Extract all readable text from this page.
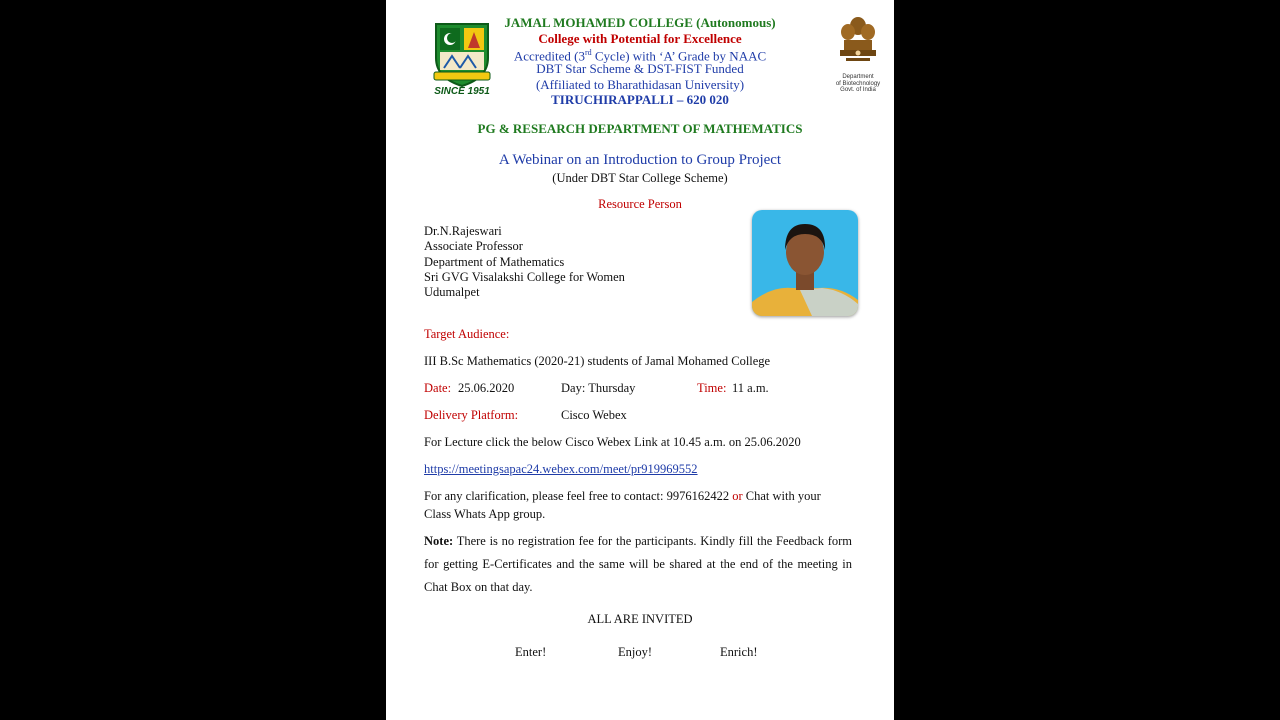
SINCE 1951
JAMAL MOHAMED COLLEGE (Autonomous)
College with Potential for Excellence
Accredited (3rd Cycle) with ‘A’ Grade by NAAC
DBT Star Scheme & DST-FIST Funded
(Affiliated to Bharathidasan University)
TIRUCHIRAPPALLI – 620 020
Department
of Biotechnology
Govt. of India
PG & RESEARCH DEPARTMENT OF MATHEMATICS
A Webinar on an Introduction to Group Project
(Under DBT Star College Scheme)
Resource Person
Dr.N.Rajeswari
Associate Professor
Department of Mathematics
Sri GVG Visalakshi College for Women
Udumalpet
Target Audience:
III B.Sc Mathematics (2020-21) students of Jamal Mohamed College
Date: 25.06.2020	Day: Thursday	Time: 11 a.m.
Delivery Platform:	Cisco Webex
For Lecture click the below Cisco Webex Link at 10.45 a.m. on 25.06.2020
https://meetingsapac24.webex.com/meet/pr919969552
For any clarification, please feel free to contact: 9976162422 or Chat with your
Class Whats App group.
Note: There is no registration fee for the participants. Kindly fill the Feedback form for getting E-Certificates and the same will be shared at the end of the meeting in Chat Box on that day.
ALL ARE INVITED
Enter!	Enjoy!	Enrich!
